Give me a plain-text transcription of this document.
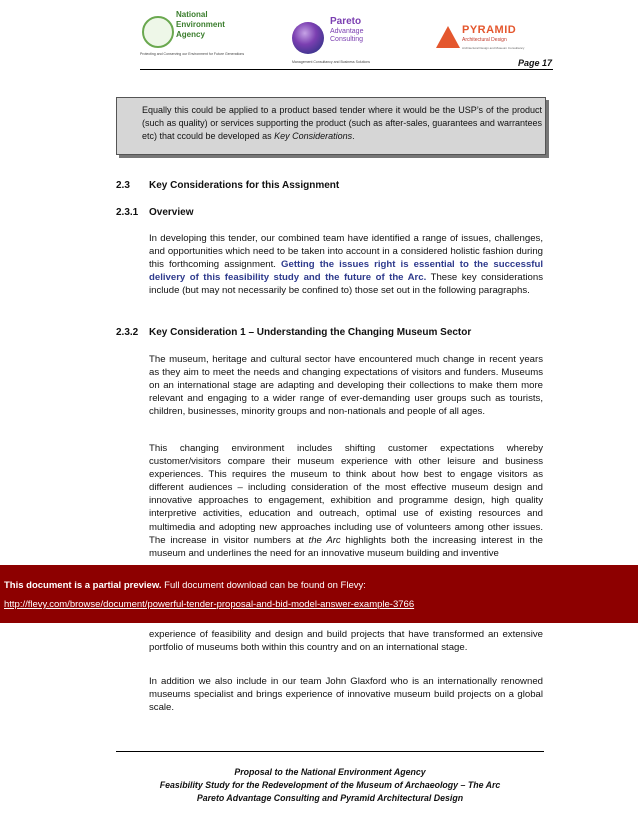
National
Environment
Agency
Protecting and Conserving our Environment for Future Generations
Pareto
Advantage
Consulting
Management Consultancy and Business Solutions
PYRAMID
Architectural Design
Architectural Design and Museum Consultancy
Page 17
Equally this could be applied to a product based tender where it would be the USP’s of the product (such as quality) or services supporting the product (such as after-sales, guarantees and warrantees etc) that ccould be developed as Key Considerations.
2.3 Key Considerations for this Assignment
2.3.1 Overview
In developing this tender, our combined team have identified a range of issues, challenges, and opportunities which need to be taken into account in a considered holistic fashion during this forthcoming assignment. Getting the issues right is essential to the successful delivery of this feasibility study and the future of the Arc. These key considerations include (but may not necessarily be confined to) those set out in the following paragraphs.
2.3.2 Key Consideration 1 – Understanding the Changing Museum Sector
The museum, heritage and cultural sector have encountered much change in recent years as they aim to meet the needs and changing expectations of visitors and funders. Museums on an international stage are adapting and developing their collections to make them more relevant and engaging to a wider range of ever-demanding user groups such as tourists, children, businesses, minority groups and non-nationals and people of all ages.
This changing environment includes shifting customer expectations whereby customer/visitors compare their museum experience with other leisure and business experiences. This requires the museum to think about how best to engage visitors as different audiences – including consideration of the most effective museum design and innovative approaches to engagement, exhibition and programme design, high quality interpretive activities, education and outreach, optimal use of existing resources and multimedia and adopting new approaches including use of volunteers among other issues. The increase in visitor numbers at the Arc highlights both the increasing interest in the museum and underlines the need for an innovative museum building and inventive
experience of feasibility and design and build projects that have transformed an extensive portfolio of museums both within this country and on an international stage.
In addition we also include in our team John Glaxford who is an internationally renowned museums specialist and brings experience of innovative museum build projects on a global scale.
This document is a partial preview. Full document download can be found on Flevy:
http://flevy.com/browse/document/powerful-tender-proposal-and-bid-model-answer-example-3766
Proposal to the National Environment Agency
Feasibility Study for the Redevelopment of the Museum of Archaeology – The Arc
Pareto Advantage Consulting and Pyramid Architectural Design
